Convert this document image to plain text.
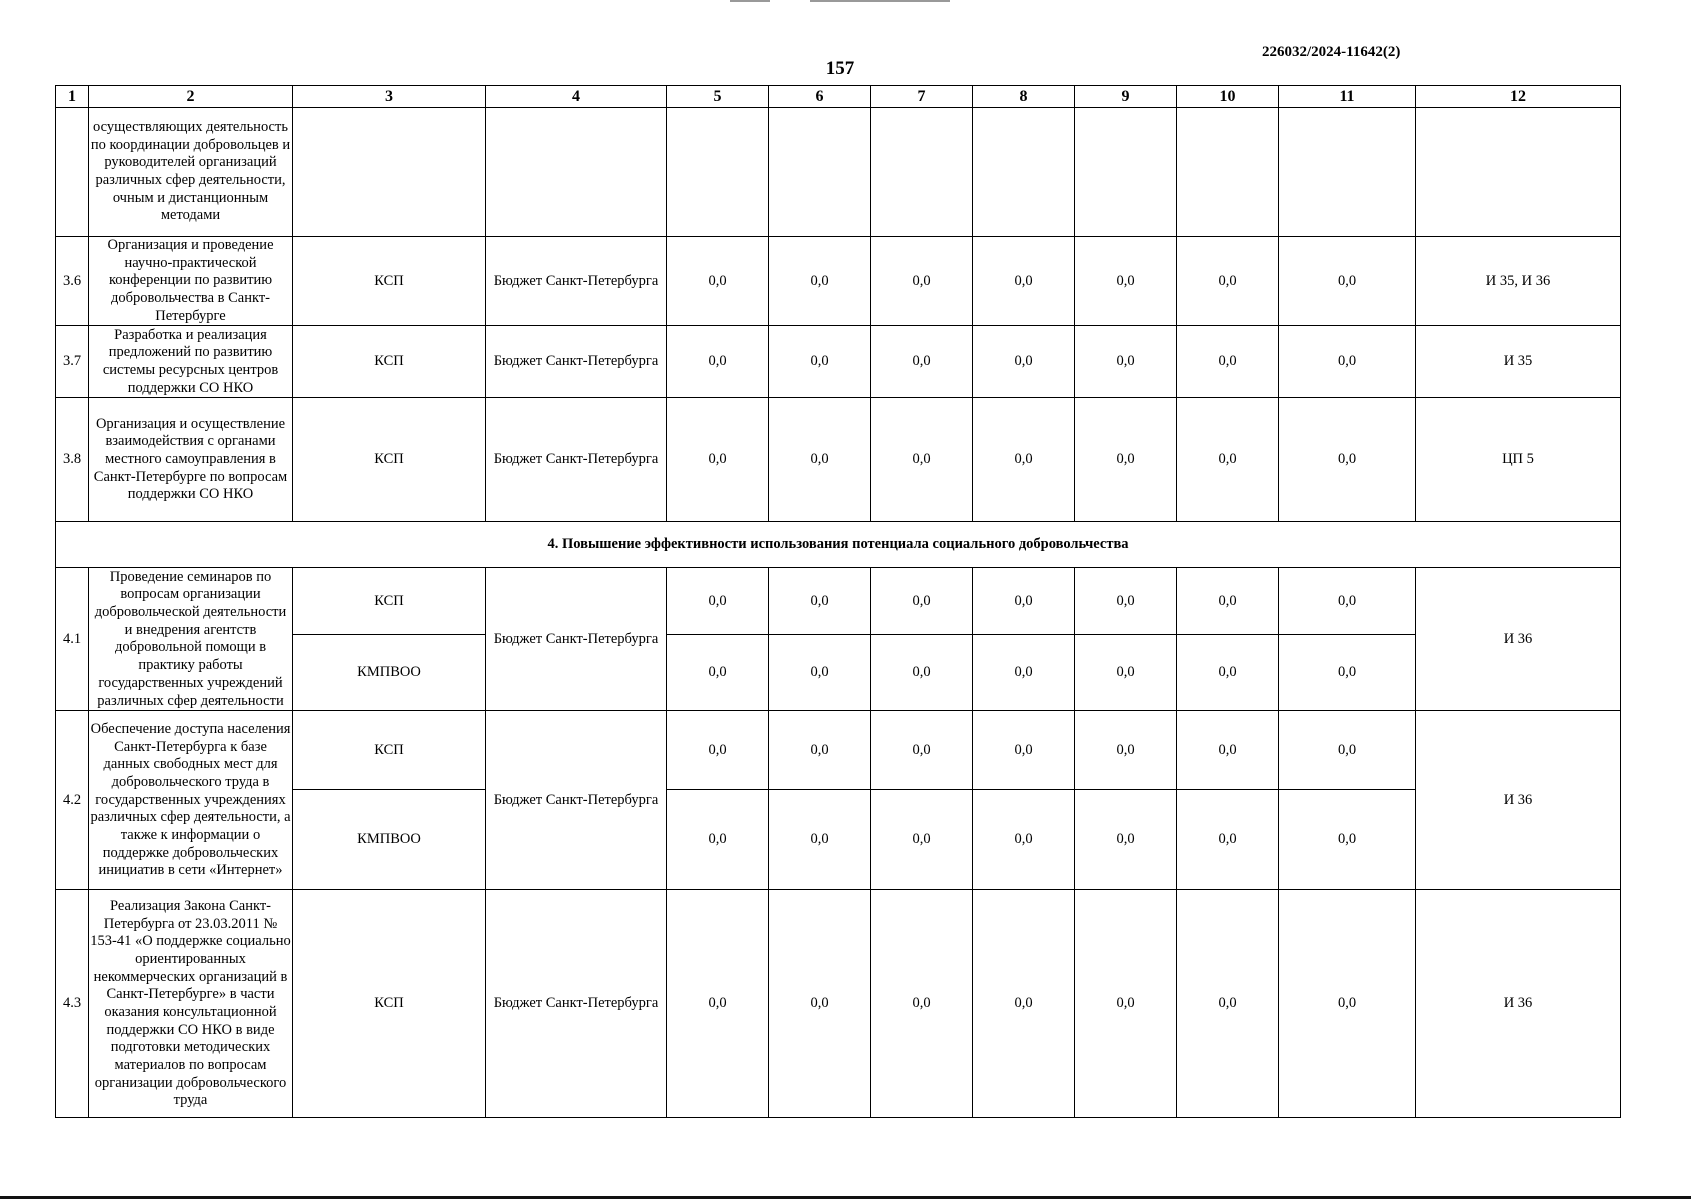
226032/2024-11642(2)
157
1	2	3	4	5	6	7	8	9	10	11	12
	осуществляющих деятельность по координации добровольцев и руководителей организаций различных сфер деятельности, очным и дистанционным методами										
3.6	Организация и проведение научно-практической конференции по развитию добровольчества в Санкт-Петербурге	КСП	Бюджет Санкт-Петербурга	0,0	0,0	0,0	0,0	0,0	0,0	0,0	И 35, И 36
3.7	Разработка и реализация предложений по развитию системы ресурсных центров поддержки СО НКО	КСП	Бюджет Санкт-Петербурга	0,0	0,0	0,0	0,0	0,0	0,0	0,0	И 35
3.8	Организация и осуществление взаимодействия с органами местного самоуправления в Санкт-Петербурге по вопросам поддержки СО НКО	КСП	Бюджет Санкт-Петербурга	0,0	0,0	0,0	0,0	0,0	0,0	0,0	ЦП 5
4. Повышение эффективности использования потенциала социального добровольчества											
4.1	Проведение семинаров по вопросам организации добровольческой деятельности и внедрения агентств добровольной помощи в практику работы государственных учреждений различных сфер деятельности	КСП	Бюджет Санкт-Петербурга	0,0	0,0	0,0	0,0	0,0	0,0	0,0	И 36
		КМПВОО		0,0	0,0	0,0	0,0	0,0	0,0	0,0	
4.2	Обеспечение доступа населения Санкт-Петербурга к базе данных свободных мест для добровольческого труда в государственных учреждениях различных сфер деятельности, а также к информации о поддержке добровольческих инициатив в сети «Интернет»	КСП	Бюджет Санкт-Петербурга	0,0	0,0	0,0	0,0	0,0	0,0	0,0	И 36
		КМПВОО		0,0	0,0	0,0	0,0	0,0	0,0	0,0	
4.3	Реализация Закона Санкт-Петербурга от 23.03.2011 № 153-41 «О поддержке социально ориентированных некоммерческих организаций в Санкт-Петербурге» в части оказания консультационной поддержки СО НКО в виде подготовки методических материалов по вопросам организации добровольческого труда	КСП	Бюджет Санкт-Петербурга	0,0	0,0	0,0	0,0	0,0	0,0	0,0	И 36
